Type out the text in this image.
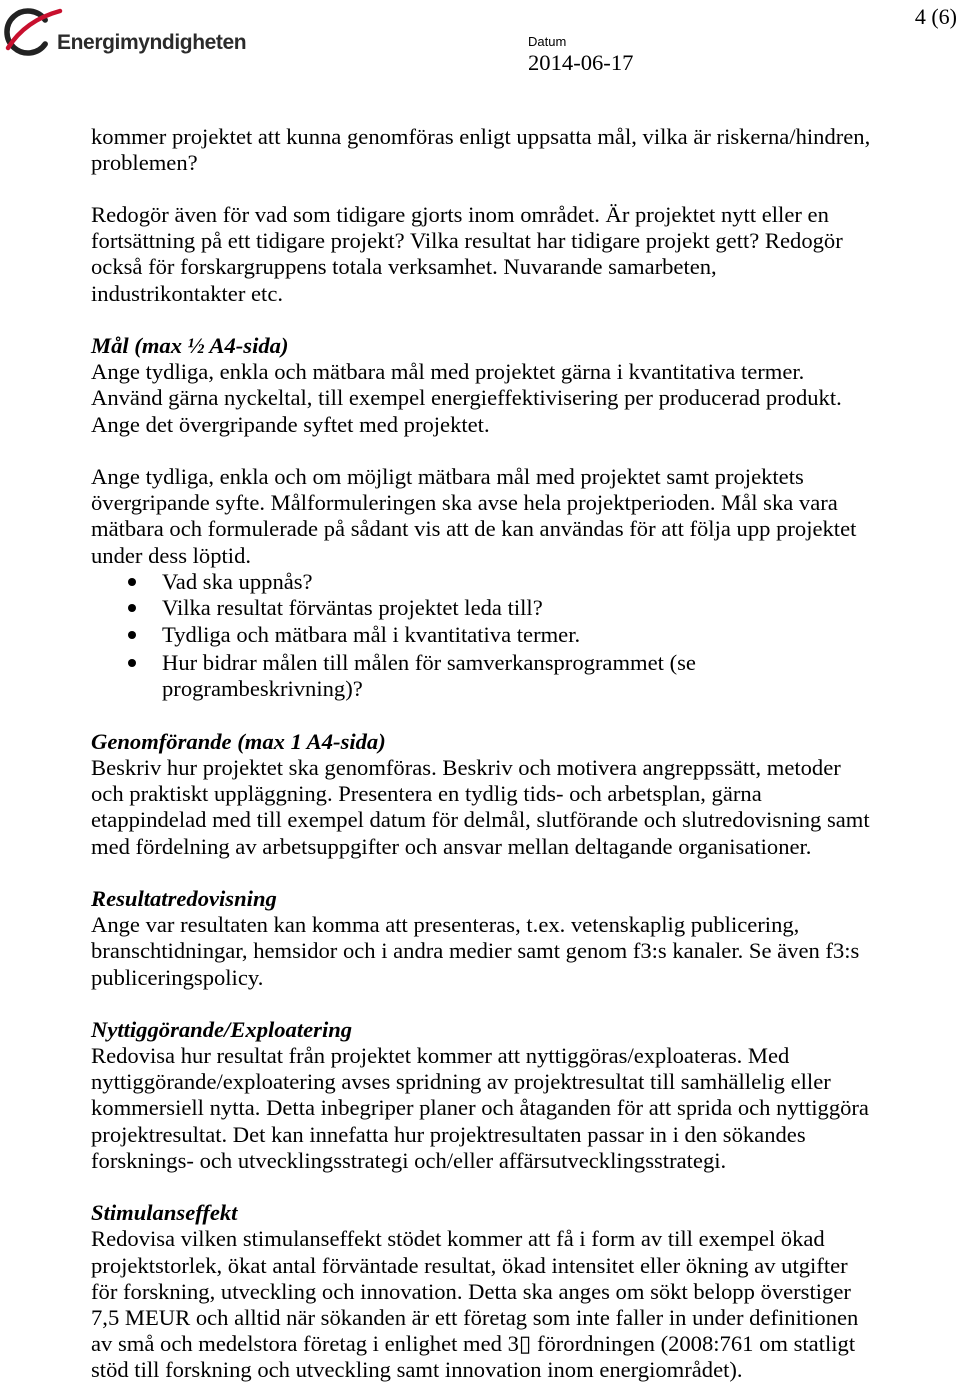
Energimyndigheten
4 (6)
Datum
2014-06-17
kommer projektet att kunna genomföras enligt uppsatta mål, vilka är riskerna/hindren,
problemen?
Redogör även för vad som tidigare gjorts inom området. Är projektet nytt eller en
fortsättning på ett tidigare projekt? Vilka resultat har tidigare projekt gett? Redogör
också för forskargruppens totala verksamhet. Nuvarande samarbeten,
industrikontakter etc.
Mål (max ½ A4-sida)
Ange tydliga, enkla och mätbara mål med projektet gärna i kvantitativa termer.
Använd gärna nyckeltal, till exempel energieffektivisering per producerad produkt.
Ange det övergripande syftet med projektet.
Ange tydliga, enkla och om möjligt mätbara mål med projektet samt projektets
övergripande syfte. Målformuleringen ska avse hela projektperioden. Mål ska vara
mätbara och formulerade på sådant vis att de kan användas för att följa upp projektet
under dess löptid.
Vad ska uppnås?
Vilka resultat förväntas projektet leda till?
Tydliga och mätbara mål i kvantitativa termer.
Hur bidrar målen till målen för samverkansprogrammet (se
programbeskrivning)?
Genomförande (max 1 A4-sida)
Beskriv hur projektet ska genomföras. Beskriv och motivera angreppssätt, metoder
och praktiskt uppläggning. Presentera en tydlig tids- och arbetsplan, gärna
etappindelad med till exempel datum för delmål, slutförande och slutredovisning samt
med fördelning av arbetsuppgifter och ansvar mellan deltagande organisationer.
Resultatredovisning
Ange var resultaten kan komma att presenteras, t.ex. vetenskaplig publicering,
branschtidningar, hemsidor och i andra medier samt genom f3:s kanaler. Se även f3:s
publiceringspolicy.
Nyttiggörande/Exploatering
Redovisa hur resultat från projektet kommer att nyttiggöras/exploateras. Med
nyttiggörande/exploatering avses spridning av projektresultat till samhällelig eller
kommersiell nytta. Detta inbegriper planer och åtaganden för att sprida och nyttiggöra
projektresultat. Det kan innefatta hur projektresultaten passar in i den sökandes
forsknings- och utvecklingsstrategi och/eller affärsutvecklingsstrategi.
Stimulanseffekt
Redovisa vilken stimulanseffekt stödet kommer att få i form av till exempel ökad
projektstorlek, ökat antal förväntade resultat, ökad intensitet eller ökning av utgifter
för forskning, utveckling och innovation. Detta ska anges om sökt belopp överstiger
7,5 MEUR och alltid när sökanden är ett företag som inte faller in under definitionen
av små och medelstora företag i enlighet med 3▯ förordningen (2008:761 om statligt
stöd till forskning och utveckling samt innovation inom energiområdet).
